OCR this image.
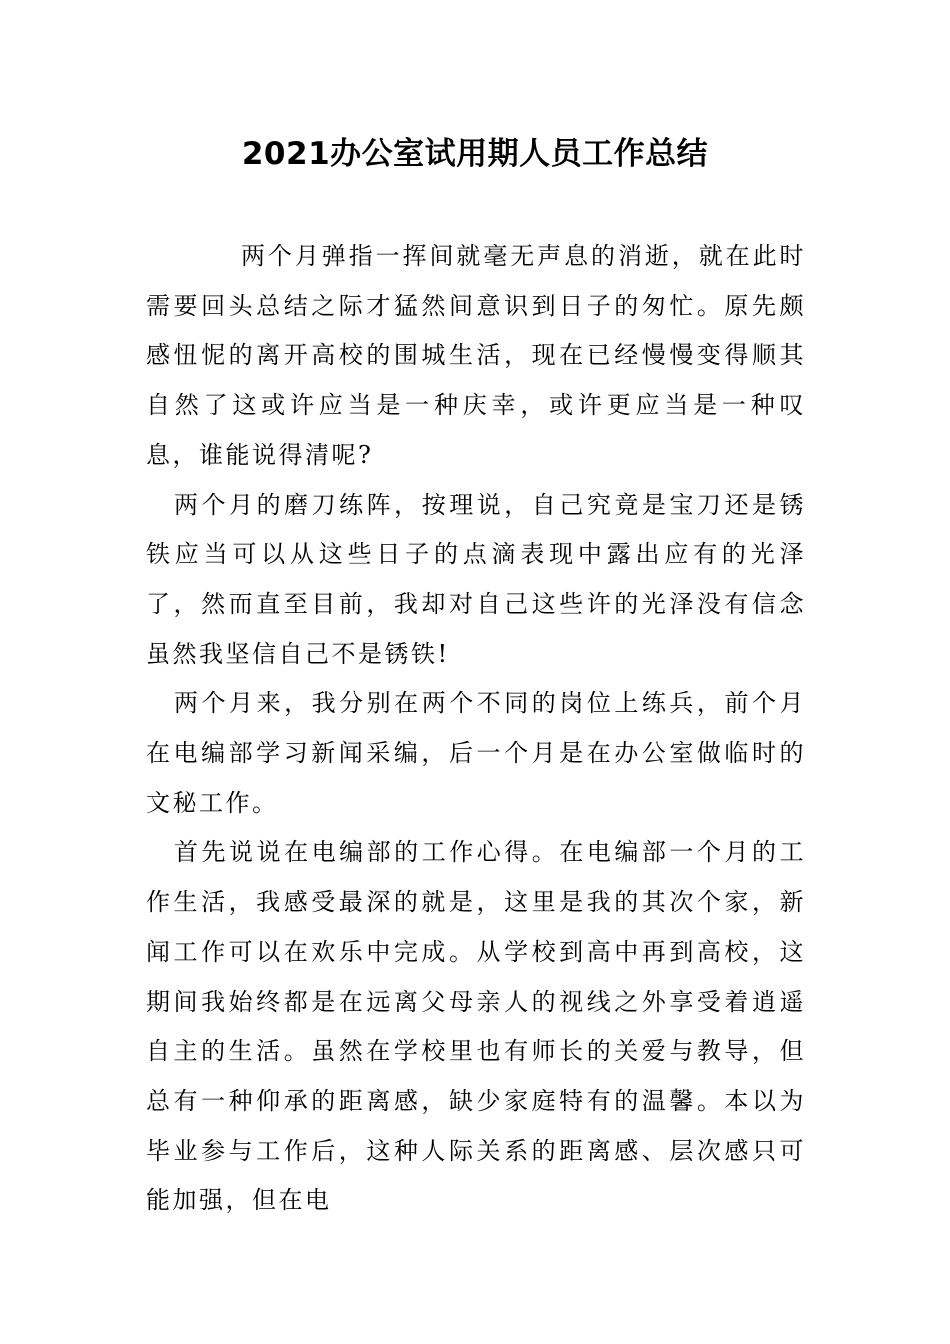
2021办公室试用期人员工作总结

两个月弹指一挥间就毫无声息的消逝，就在此时需要回头总结之际才猛然间意识到日子的匆忙。原先颇感忸怩的离开高校的围城生活，现在已经慢慢变得顺其自然了这或许应当是一种庆幸，或许更应当是一种叹息，谁能说得清呢?

两个月的磨刀练阵，按理说，自己究竟是宝刀还是锈铁应当可以从这些日子的点滴表现中露出应有的光泽了，然而直至目前，我却对自己这些许的光泽没有信念虽然我坚信自己不是锈铁!

两个月来，我分别在两个不同的岗位上练兵，前个月在电编部学习新闻采编，后一个月是在办公室做临时的文秘工作。

首先说说在电编部的工作心得。在电编部一个月的工作生活，我感受最深的就是，这里是我的其次个家，新闻工作可以在欢乐中完成。从学校到高中再到高校，这期间我始终都是在远离父母亲人的视线之外享受着逍遥自主的生活。虽然在学校里也有师长的关爱与教导，但总有一种仰承的距离感，缺少家庭特有的温馨。本以为毕业参与工作后，这种人际关系的距离感、层次感只可能加强，但在电
